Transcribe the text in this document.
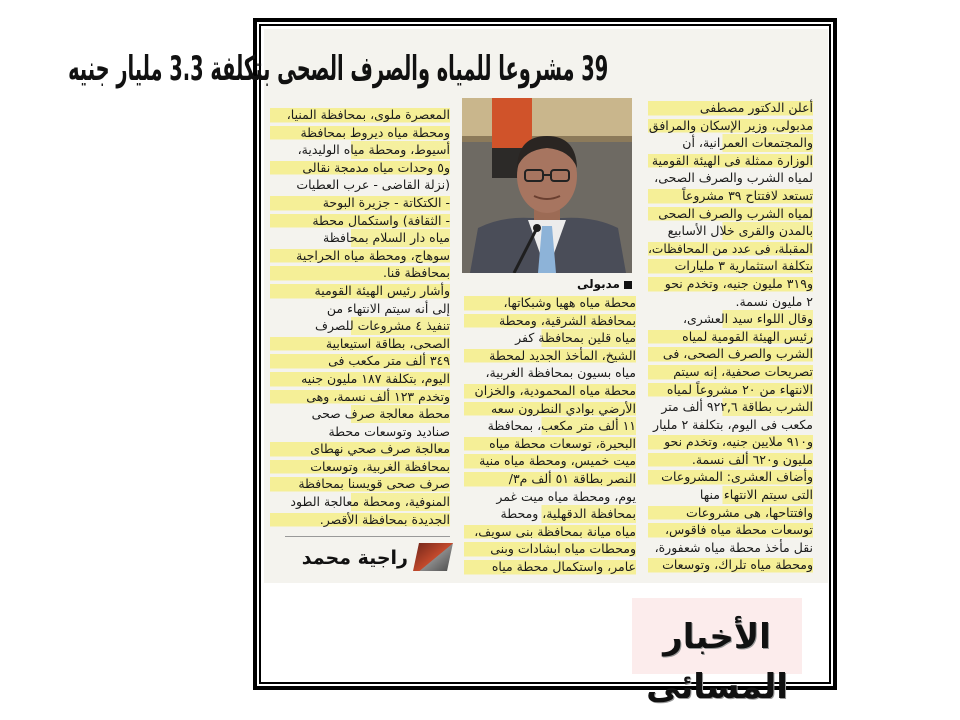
39 مشروعا للمياه والصرف الصحى بتكلفة 3.3 مليار جنيه
أعلن الدكتور مصطفى
مدبولى، وزير الإسكان والمرافق
والمجتمعات العمرانية، أن
الوزارة ممثلة فى الهيئة القومية
لمياه الشرب والصرف الصحى،
تستعد لافتتاح ٣٩ مشروعاً
لمياه الشرب والصرف الصحى
بالمدن والقرى خلال الأسابيع
المقبلة، فى عدد من المحافظات،
بتكلفة استثمارية ٣ مليارات
و٣١٩ مليون جنيه، وتخدم نحو
٢ مليون نسمة.
وقال اللواء سيد العشرى،
رئيس الهيئة القومية لمياه
الشرب والصرف الصحى، فى
تصريحات صحفية، إنه سيتم
الانتهاء من ٢٠ مشروعاً لمياه
الشرب بطاقة ٩٢٢,٦ ألف متر
مكعب فى اليوم، بتكلفة ٢ مليار
و٩١٠ ملايين جنيه، وتخدم نحو
مليون و٦٢٠ ألف نسمة.
وأضاف العشرى: المشروعات
التى سيتم الانتهاء منها
وافتتاحها، هى مشروعات
توسعات محطة مياه فاقوس،
نقل مأخذ محطة مياه شعفورة،
ومحطة مياه تلراك، وتوسعات
مدبولى
محطة مياه ههيا وشبكاتها،
بمحافظة الشرقية، ومحطة
مياه قلين بمحافظة كفر
الشيخ، المأخذ الجديد لمحطة
مياه بسيون بمحافظة الغربية،
محطة مياه المحمودية، والخزان
الأرضي بوادي النطرون سعه
١١ ألف متر مكعب، بمحافظة
البحيرة، توسعات محطة مياه
ميت خميس، ومحطة مياه منية
النصر بطاقة ٥١ ألف م٣/
يوم، ومحطة مياه ميت غمر
بمحافظة الدقهلية، ومحطة
مياه ميانة بمحافظة بنى سويف،
ومحطات مياه ابشادات وبنى
عامر، واستكمال محطة مياه
المعصرة ملوى، بمحافظة المنيا،
ومحطة مياه ديروط بمحافظة
أسيوط، ومحطة مياه الوليدية،
و٥ وحدات مياه مدمجة نقالى
(نزلة القاضى - عرب العطيات
- الكتكاتة - جزيرة البوحة
- الثقافة) واستكمال محطة
مياه دار السلام بمحافظة
سوهاج، ومحطة مياه الحراجية
بمحافظة قنا.
وأشار رئيس الهيئة القومية
إلى أنه سيتم الانتهاء من
تنفيذ ٤ مشروعات للصرف
الصحى، بطاقة استيعابية
٣٤٩ ألف متر مكعب فى
اليوم، بتكلفة ١٨٧ مليون جنيه
وتخدم ١٢٣ ألف نسمة، وهى
محطة معالجة صرف صحى
صناديد وتوسعات محطة
معالجة صرف صحي نهطاى
بمحافظة الغربية، وتوسعات
صرف صحى قويسنا بمحافظة
المنوفية، ومحطة معالجة الطود
الجديدة بمحافظة الأقصر.
راجية محمد
الأخبار المسائى
